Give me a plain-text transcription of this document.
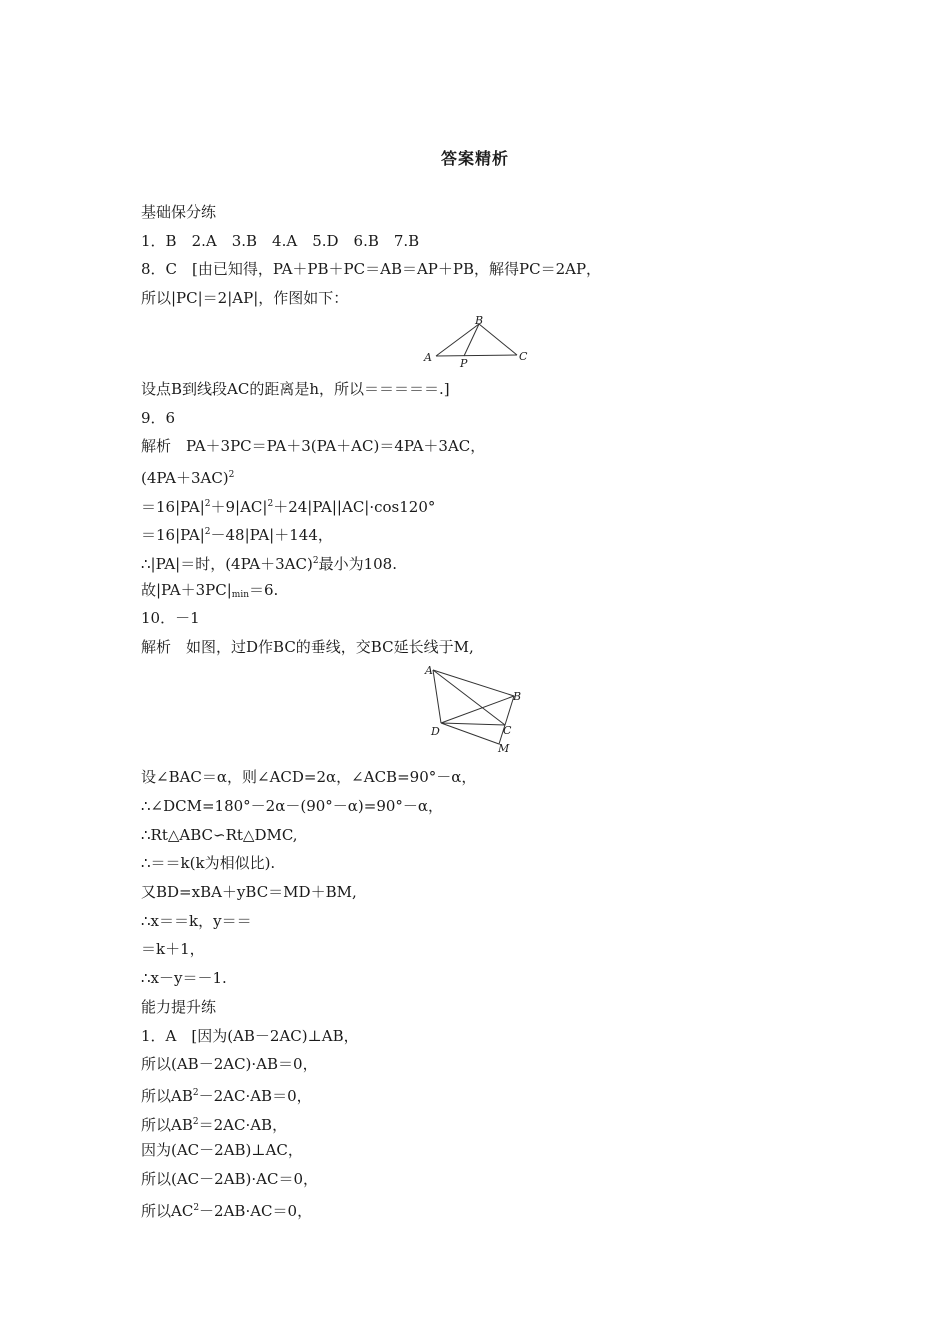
答案精析
基础保分练
1．B　2.A　3.B　4.A　5.D　6.B　7.B
8．C　[由已知得，PA＋PB＋PC＝AB＝AP＋PB，解得PC＝2AP，
所以|PC|＝2|AP|，作图如下：
A
B
C
P
设点B到线段AC的距离是h，所以＝＝＝＝＝.]
9．6
解析　PA＋3PC＝PA＋3(PA＋AC)＝4PA＋3AC，
$(4PA+3AC)^2$
$=16|PA|^2+9|AC|^2+24|PA||AC|\cdot\cos 120^\circ$
$=16|PA|^2-48|PA|+144$，
∴|PA|＝时，$(4PA+3AC)^2$最小为108.
故$|PA+3PC|_{min}=6$.
10．－1
解析　如图，过D作BC的垂线，交BC延长线于M,
A
B
C
D
M
设∠BAC＝α，则∠ACD=2α，∠ACB=90°－α，
∴∠DCM=180°－2α－(90°－α)=90°－α，
∴Rt△ABC∽Rt△DMC,
∴＝＝k(k为相似比).
又BD=xBA＋yBC＝MD＋BM,
∴x＝＝k，y＝＝
＝k＋1，
∴x－y＝－1.
能力提升练
1．A　[因为(AB－2AC)⊥AB，
所以(AB－2AC)·AB＝0，
所以$AB^2-2AC\cdot AB=0$，
所以$AB^2=2AC\cdot AB$，
因为(AC－2AB)⊥AC，
所以(AC－2AB)·AC＝0，
所以$AC^2-2AB\cdot AC=0$，
